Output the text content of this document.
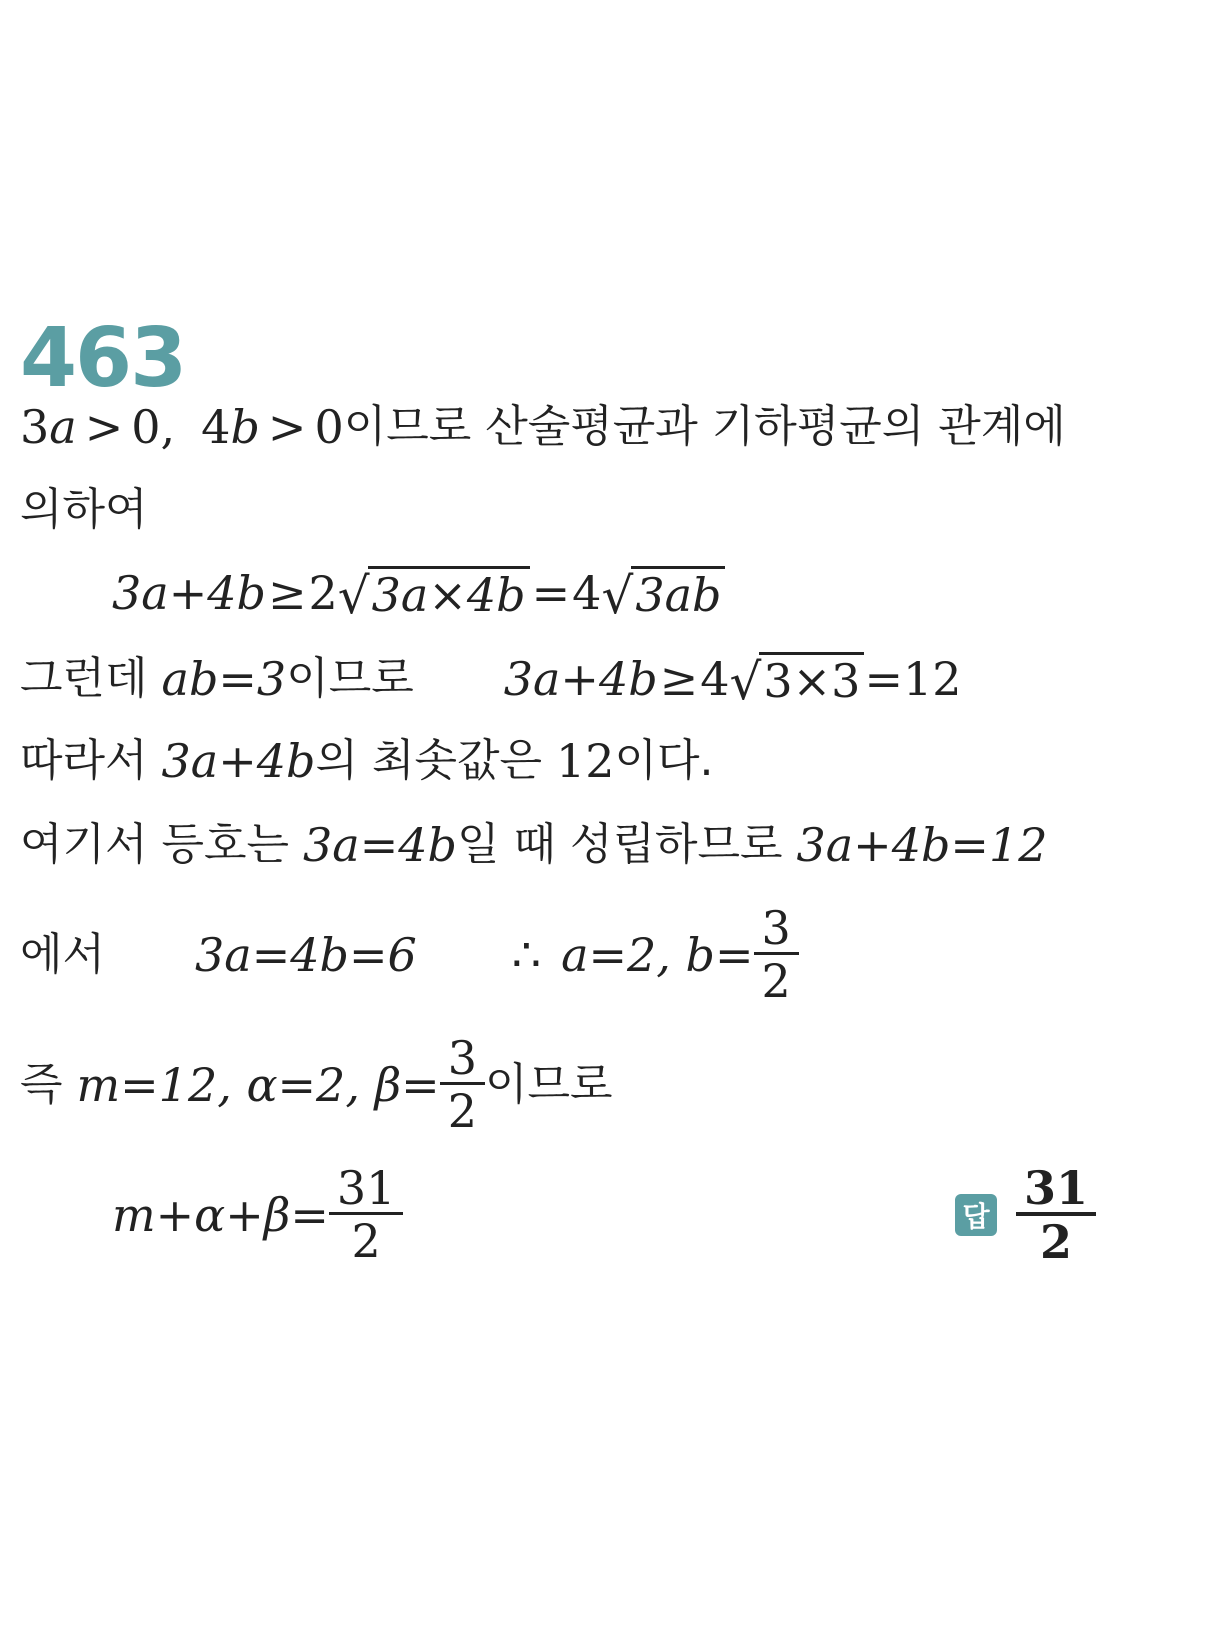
463
3 a > 0 , 4 b > 0 이므로 산술평균과 기하평균의 관계에
의하여
3a+4b ≥ 2 √ 3a×4b = 4 √ 3ab
그런데 ab=3 이므로 3a+4b ≥ 4 √ 3×3 =12
따라서 3a+4b 의 최솟값은 12 이다.
여기서 등호는 3a=4b 일 때 성립하므로 3a+4b=12
에서 3a=4b=6 ∴ a=2, $b= \frac{3}{2}$
즉 m=12, α=2, $\beta= \frac{3}{2}$ 이므로
$m+\alpha+\beta= \frac{31}{2}$	답 $\frac{31}{2}$
